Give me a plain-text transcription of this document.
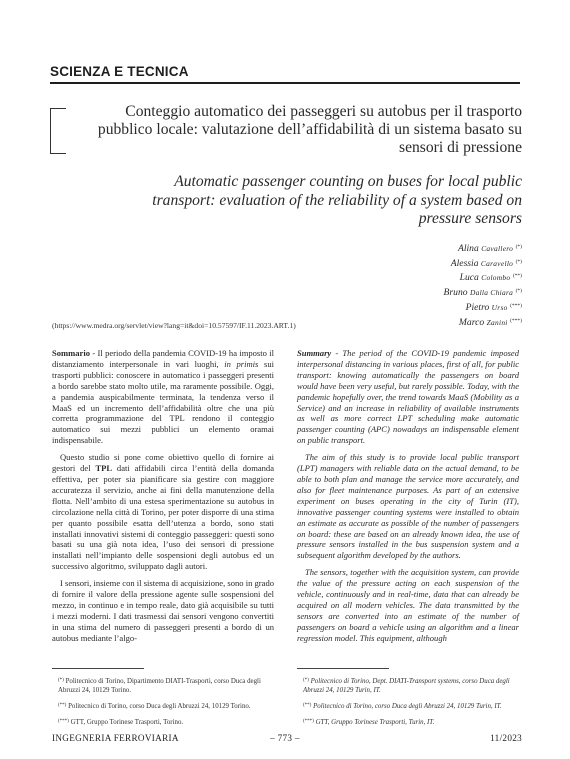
SCIENZA E TECNICA
Conteggio automatico dei passeggeri su autobus per il trasporto pubblico locale: valutazione dell’affidabilità di un sistema basato su sensori di pressione
Automatic passenger counting on buses for local public transport: evaluation of the reliability of a system based on pressure sensors
Alina Cavallero (*)
Alessia Caravello (*)
Luca Colombo (**)
Bruno Dalla Chiara (*)
Pietro Urso (***)
Marco Zanini (***)
(https://www.medra.org/servlet/view?lang=it&doi=10.57597/IF.11.2023.ART.1)

Sommario - Il periodo della pandemia COVID-19 ha imposto il distanziamento interpersonale in vari luoghi, in primis sui trasporti pubblici: conoscere in automatico i passeggeri presenti a bordo sarebbe stato molto utile, ma raramente possibile. Oggi, a pandemia auspicabilmente terminata, la tendenza verso il MaaS ed un incremento dell’affidabilità oltre che una più corretta programmazione del TPL rendono il conteggio automatico sui mezzi pubblici un elemento oramai indispensabile.

Questo studio si pone come obiettivo quello di fornire ai gestori del TPL dati affidabili circa l’entità della domanda effettiva, per poter sia pianificare sia gestire con maggiore accuratezza il servizio, anche ai fini della manutenzione della flotta. Nell’ambito di una estesa sperimentazione su autobus in circolazione nella città di Torino, per poter disporre di una stima per quanto possibile esatta dell’utenza a bordo, sono stati installati innovativi sistemi di conteggio passeggeri: questi sono basati su una già nota idea, l’uso dei sensori di pressione installati nell’impianto delle sospensioni degli autobus ed un successivo algoritmo, sviluppato dagli autori.

I sensori, insieme con il sistema di acquisizione, sono in grado di fornire il valore della pressione agente sulle sospensioni del mezzo, in continuo e in tempo reale, dato già acquisibile su tutti i mezzi moderni. I dati trasmessi dai sensori vengono convertiti in una stima del numero di passeggeri presenti a bordo di un autobus mediante l’algo-

Summary - The period of the COVID-19 pandemic imposed interpersonal distancing in various places, first of all, for public transport: knowing automatically the passengers on board would have been very useful, but rarely possible. Today, with the pandemic hopefully over, the trend towards MaaS (Mobility as a Service) and an increase in reliability of available instruments as well as more correct LPT scheduling make automatic passenger counting (APC) nowadays an indispensable element on public transport.

The aim of this study is to provide local public transport (LPT) managers with reliable data on the actual demand, to be able to both plan and manage the service more accurately, and also for fleet maintenance purposes. As part of an extensive experiment on buses operating in the city of Turin (IT), innovative passenger counting systems were installed to obtain an estimate as accurate as possible of the number of passengers on board: these are based on an already known idea, the use of pressure sensors installed in the bus suspension system and a subsequent algorithm developed by the authors.

The sensors, together with the acquisition system, can provide the value of the pressure acting on each suspension of the vehicle, continuously and in real-time, data that can already be acquired on all modern vehicles. The data transmitted by the sensors are converted into an estimate of the number of passengers on board a vehicle using an algorithm and a linear regression model. This equipment, although

(*) Politecnico di Torino, Dipartimento DIATI-Trasporti, corso Duca degli Abruzzi 24, 10129 Torino.
(**) Politecnico di Torino, corso Duca degli Abruzzi 24, 10129 Torino.
(***) GTT, Gruppo Torinese Trasporti, Torino.
(*) Politecnico di Torino, Dept. DIATI-Transport systems, corso Duca degli Abruzzi 24, 10129 Turin, IT.
(**) Politecnico di Torino, corso Duca degli Abruzzi 24, 10129 Turin, IT.
(***) GTT, Gruppo Torinese Trasporti, Turin, IT.
INGEGNERIA FERROVIARIA	– 773 –	11/2023
